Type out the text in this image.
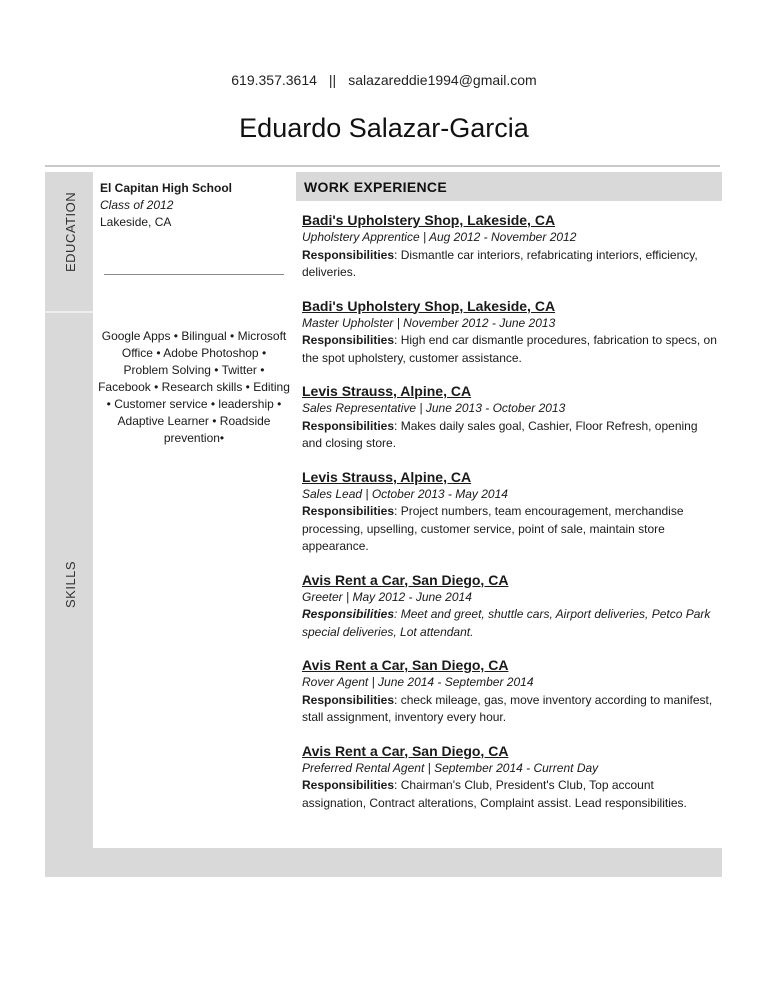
619.357.3614 || salazareddie1994@gmail.com
Eduardo Salazar-Garcia
EDUCATION
SKILLS
El Capitan High School
Class of 2012
Lakeside, CA
Google Apps • Bilingual • Microsoft Office • Adobe Photoshop • Problem Solving • Twitter • Facebook • Research skills • Editing • Customer service • leadership • Adaptive Learner • Roadside prevention•
WORK EXPERIENCE
Badi's Upholstery Shop, Lakeside, CA
Upholstery Apprentice | Aug 2012 - November 2012
Responsibilities: Dismantle car interiors, refabricating interiors, efficiency, deliveries.
Badi's Upholstery Shop, Lakeside, CA
Master Upholster | November 2012 - June 2013
Responsibilities: High end car dismantle procedures, fabrication to specs, on the spot upholstery, customer assistance.
Levis Strauss, Alpine, CA
Sales Representative | June 2013 - October 2013
Responsibilities: Makes daily sales goal, Cashier, Floor Refresh, opening and closing store.
Levis Strauss, Alpine, CA
Sales Lead | October 2013 - May 2014
Responsibilities: Project numbers, team encouragement, merchandise processing, upselling, customer service, point of sale, maintain store appearance.
Avis Rent a Car, San Diego, CA
Greeter | May 2012 - June 2014
Responsibilities: Meet and greet, shuttle cars, Airport deliveries, Petco Park special deliveries, Lot attendant.
Avis Rent a Car, San Diego, CA
Rover Agent | June 2014 - September 2014
Responsibilities: check mileage, gas, move inventory according to manifest, stall assignment, inventory every hour.
Avis Rent a Car, San Diego, CA
Preferred Rental Agent | September 2014 - Current Day
Responsibilities: Chairman's Club, President's Club, Top account assignation, Contract alterations, Complaint assist. Lead responsibilities.
